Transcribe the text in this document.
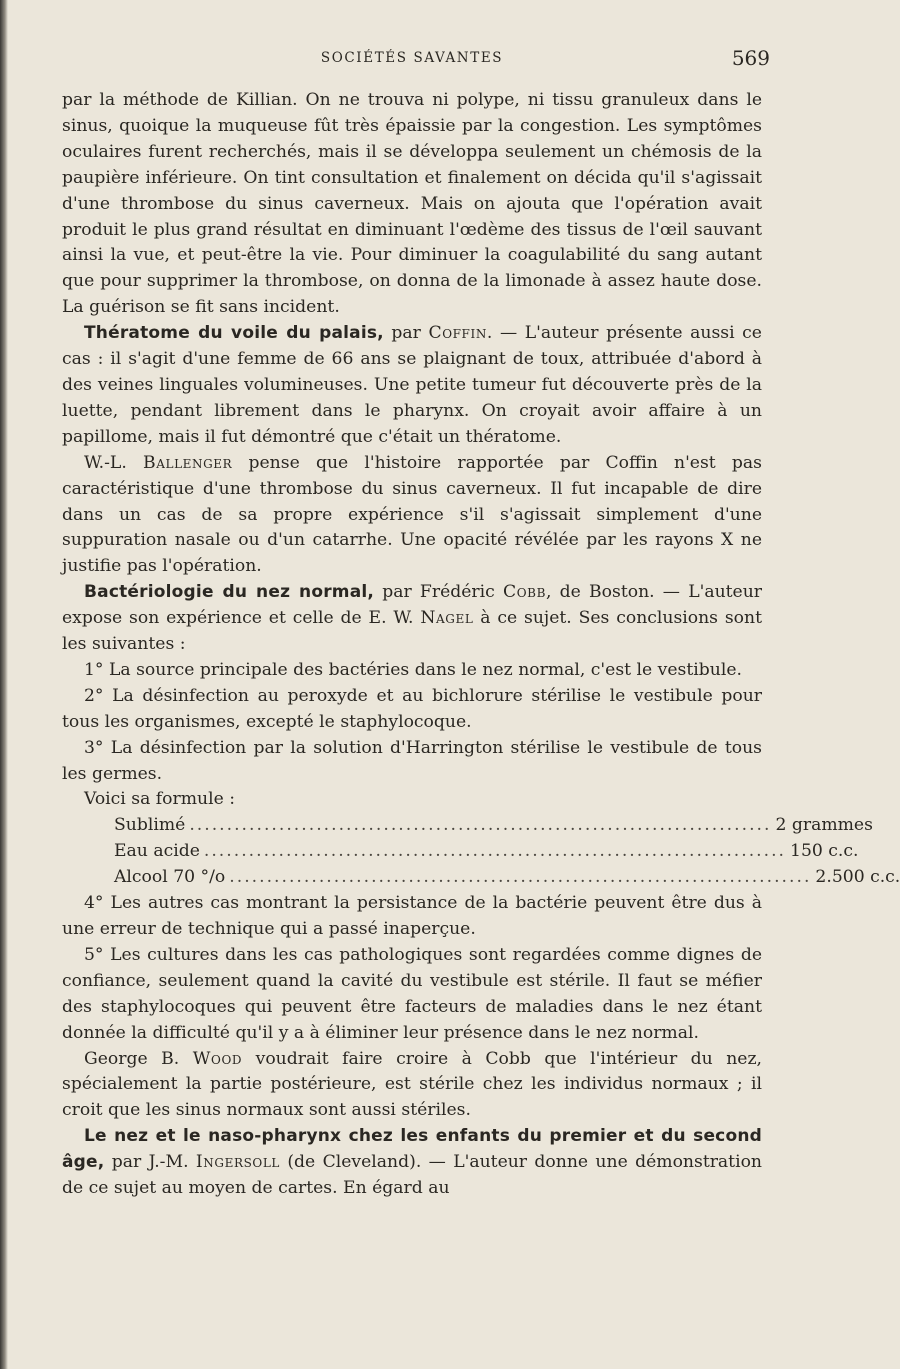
SOCIÉTÉS SAVANTES	569

par la méthode de Killian. On ne trouva ni polype, ni tissu granuleux dans le sinus, quoique la muqueuse fût très épaissie par la congestion. Les symptômes oculaires furent recherchés, mais il se développa seulement un chémosis de la paupière inférieure. On tint consultation et finalement on décida qu'il s'agissait d'une thrombose du sinus caverneux. Mais on ajouta que l'opération avait produit le plus grand résultat en diminuant l'œdème des tissus de l'œil sauvant ainsi la vue, et peut-être la vie. Pour diminuer la coagulabilité du sang autant que pour supprimer la thrombose, on donna de la limonade à assez haute dose. La guérison se fit sans incident.

Thératome du voile du palais, par Coffin. — L'auteur présente aussi ce cas : il s'agit d'une femme de 66 ans se plaignant de toux, attribuée d'abord à des veines linguales volumineuses. Une petite tumeur fut découverte près de la luette, pendant librement dans le pharynx. On croyait avoir affaire à un papillome, mais il fut démontré que c'était un thératome.

W.-L. Ballenger pense que l'histoire rapportée par Coffin n'est pas caractéristique d'une thrombose du sinus caverneux. Il fut incapable de dire dans un cas de sa propre expérience s'il s'agissait simplement d'une suppuration nasale ou d'un catarrhe. Une opacité révélée par les rayons X ne justifie pas l'opération.

Bactériologie du nez normal, par Frédéric Cobb, de Boston. — L'auteur expose son expérience et celle de E. W. Nagel à ce sujet. Ses conclusions sont les suivantes :

1° La source principale des bactéries dans le nez normal, c'est le vestibule.

2° La désinfection au peroxyde et au bichlorure stérilise le vestibule pour tous les organismes, excepté le staphylocoque.

3° La désinfection par la solution d'Harrington stérilise le vestibule de tous les germes.

Voici sa formule :

Sublimé .............................................................................. 2 grammes
Eau acide .............................................................................. 150 c.c.
Alcool 70 °/o .............................................................................. 2.500 c.c.

4° Les autres cas montrant la persistance de la bactérie peuvent être dus à une erreur de technique qui a passé inaperçue.

5° Les cultures dans les cas pathologiques sont regardées comme dignes de confiance, seulement quand la cavité du vestibule est stérile. Il faut se méfier des staphylocoques qui peuvent être facteurs de maladies dans le nez étant donnée la difficulté qu'il y a à éliminer leur présence dans le nez normal.

George B. Wood voudrait faire croire à Cobb que l'intérieur du nez, spécialement la partie postérieure, est stérile chez les individus normaux ; il croit que les sinus normaux sont aussi stériles.

Le nez et le naso-pharynx chez les enfants du premier et du second âge, par J.-M. Ingersoll (de Cleveland). — L'auteur donne une démonstration de ce sujet au moyen de cartes. En égard au
